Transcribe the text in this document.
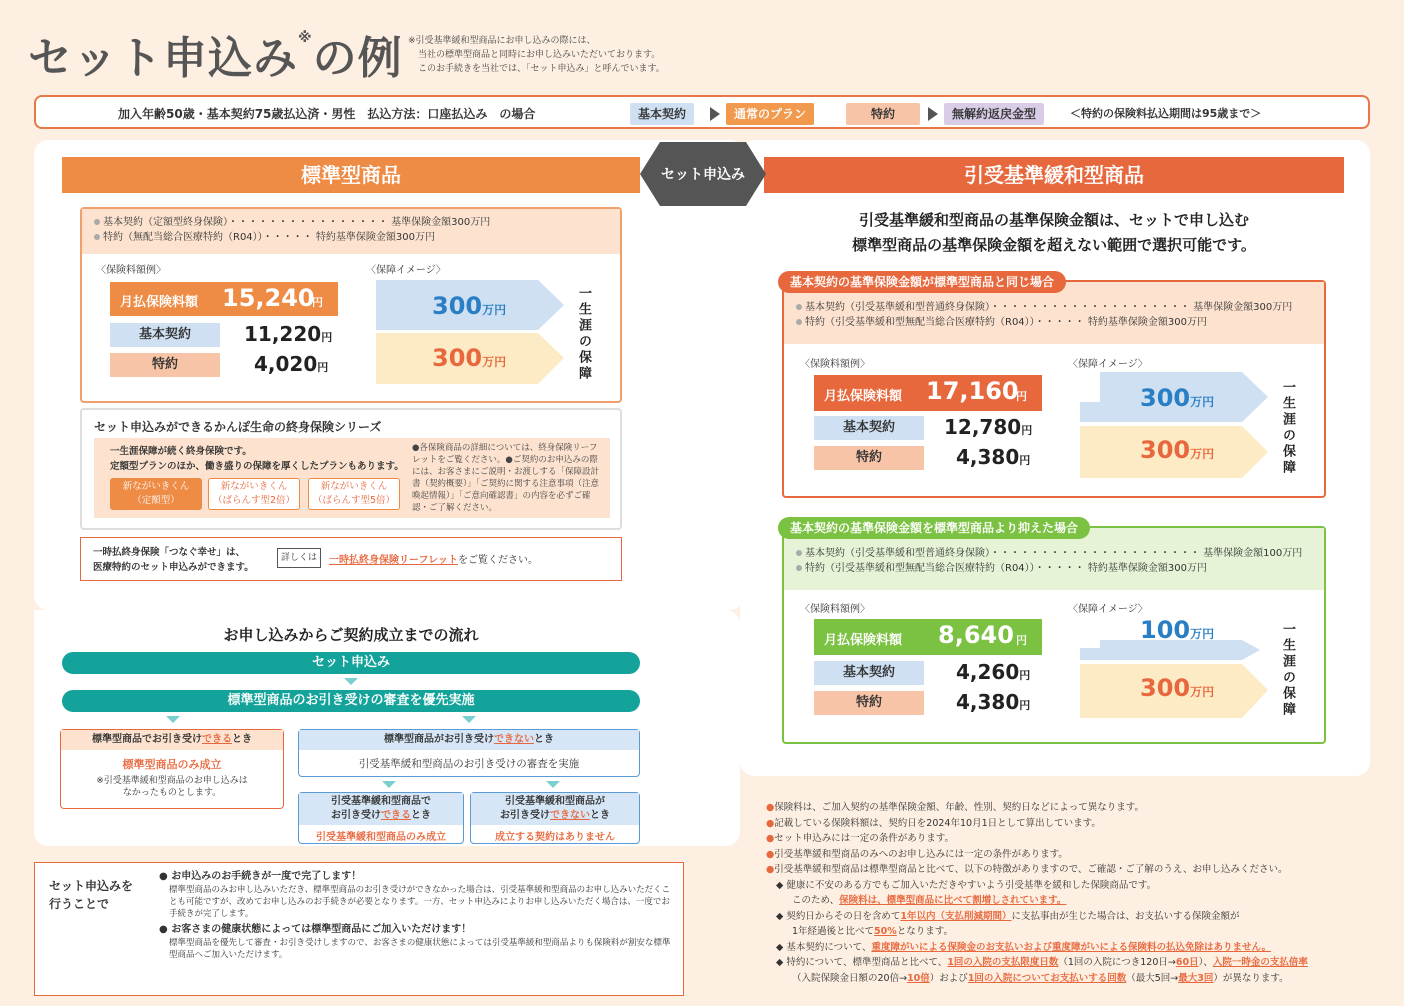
セット申込み※の例 ※引受基準緩和型商品にお申し込みの際には、
当社の標準型商品と同時にお申し込みいただいております。
このお手続きを当社では、「セット申込み」と呼んでいます。
加入年齢50歳・基本契約75歳払込済・男性　払込方法：口座払込み　の場合	基本契約	通常のプラン	特約	無解約返戻金型	＜特約の保険料払込期間は95歳まで＞
標準型商品	引受基準緩和型商品
セット申込み
基本契約（定額型終身保険）・・・・・・・・・・・・・・・・ 基準保険金額300万円
特約（無配当総合医療特約（R04））・・・・・ 特約基準保険金額300万円
〈保険料額例〉	〈保障イメージ〉
月払保険料額 15,240
円
基本契約	11,220円
特約	4,020円
300万円
300万円	一生涯の保障
セット申込みができるかんぽ生命の終身保険シリーズ
一生涯保障が続く終身保険です。
定額型プランのほか、働き盛りの保障を厚くしたプランもあります。
新ながいきくん
（定額型）
新ながいきくん
（ばらんす型2倍）
新ながいきくん
（ばらんす型5倍）
●各保険商品の詳細については、終身保険リーフレットをご覧ください。●ご契約のお申込みの際には、お客さまにご説明・お渡しする「保障設計書（契約概要）」「ご契約に関する注意事項（注意喚起情報）」「ご意向確認書」の内容を必ずご確認・ご了解ください。
一時払終身保険「つなぐ幸せ」は、
医療特約のセット申込みができます。
詳しくは	一時払終身保険リーフレットをご覧ください。
引受基準緩和型商品の基準保険金額は、セットで申し込む
標準型商品の基準保険金額を超えない範囲で選択可能です。
基本契約（引受基準緩和型普通終身保険）・・・・・・・・・・・・・・・・・・・・ 基準保険金額300万円
特約（引受基準緩和型無配当総合医療特約（R04））・・・・・ 特約基準保険金額300万円
基本契約の基準保険金額が標準型商品と同じ場合
〈保険料額例〉	〈保障イメージ〉
月払保険料額 17,160
円
基本契約	12,780円
特約	4,380円
300万円
300万円	一生涯の保障
基本契約（引受基準緩和型普通終身保険）・・・・・・・・・・・・・・・・・・・・・ 基準保険金額100万円
特約（引受基準緩和型無配当総合医療特約（R04））・・・・・ 特約基準保険金額300万円
基本契約の基準保険金額を標準型商品より抑えた場合
〈保険料額例〉	〈保障イメージ〉
月払保険料額 8,640 円
基本契約	4,260円
特約	4,380円
100万円
300万円	一生涯の保障
お申し込みからご契約成立までの流れ
セット申込み
標準型商品のお引き受けの審査を優先実施
標準型商品でお引き受けできるとき
標準型商品のみ成立
※引受基準緩和型商品のお申し込みは
なかったものとします。
標準型商品がお引き受けできないとき
引受基準緩和型商品のお引き受けの審査を実施
引受基準緩和型商品で
お引き受けできるとき
引受基準緩和型商品のみ成立
引受基準緩和型商品が
お引き受けできないとき
成立する契約はありません
セット申込みを
行うことで
● お申込みのお手続きが一度で完了します！
標準型商品のみお申し込みいただき、標準型商品のお引き受けができなかった場合は、引受基準緩和型商品のお申し込みいただくことも可能ですが、改めてお申し込みのお手続きが必要となります。一方、セット申込みによりお申し込みいただく場合は、一度でお手続きが完了します。
● お客さまの健康状態によっては標準型商品にご加入いただけます！
標準型商品を優先して審査・お引き受けしますので、お客さまの健康状態によっては引受基準緩和型商品よりも保険料が割安な標準型商品へご加入いただけます。
●保険料は、ご加入契約の基準保険金額、年齢、性別、契約日などによって異なります。
●記載している保険料額は、契約日を2024年10月1日として算出しています。
●セット申込みには一定の条件があります。
●引受基準緩和型商品のみへのお申し込みには一定の条件があります。
●引受基準緩和型商品は標準型商品と比べて、以下の特徴がありますので、ご確認・ご了解のうえ、お申し込みください。
◆ 健康に不安のある方でもご加入いただきやすいよう引受基準を緩和した保険商品です。
このため、保険料は、標準型商品に比べて割増しされています。
◆ 契約日からその日を含めて1年以内（支払削減期間）に支払事由が生じた場合は、お支払いする保険金額が
1年経過後と比べて50%となります。
◆ 基本契約について、重度障がいによる保険金のお支払いおよび重度障がいによる保険料の払込免除はありません。
◆ 特約について、標準型商品と比べて、1回の入院の支払限度日数（1回の入院につき120日→60日）、入院一時金の支払倍率
（入院保険金日額の20倍→10倍）および1回の入院についてお支払いする回数（最大5回→最大3回）が異なります。
